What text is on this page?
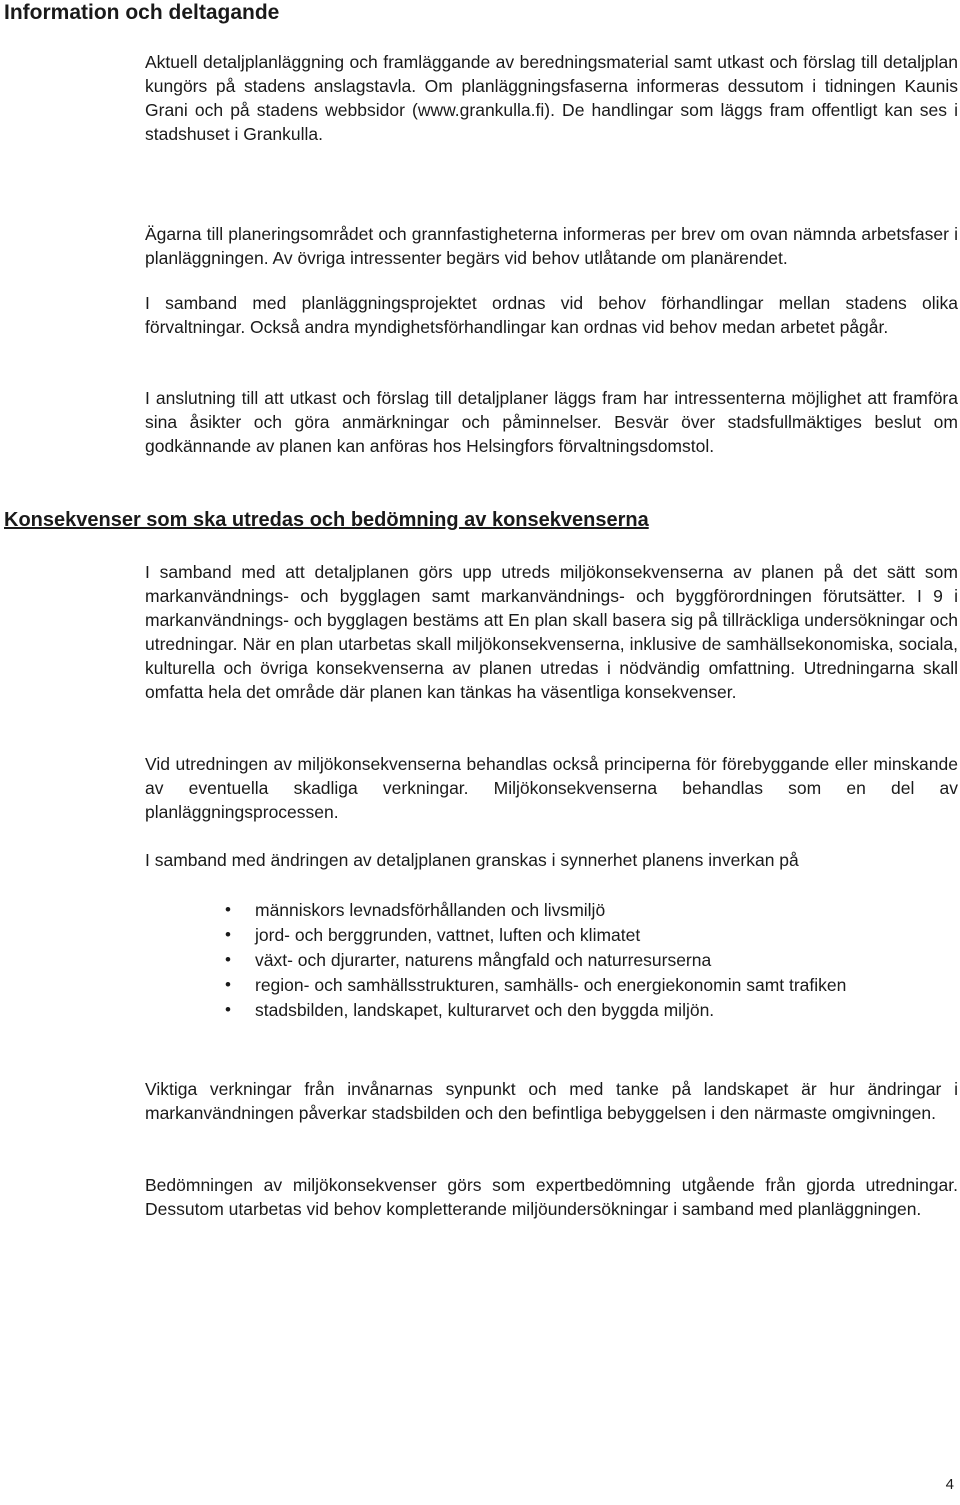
Information och deltagande

Aktuell detaljplanläggning och framläggande av beredningsmaterial samt utkast och förslag till detaljplan kungörs på stadens anslagstavla. Om planläggningsfaserna informeras dessutom i tidningen Kaunis Grani och på stadens webbsidor (www.grankulla.fi). De handlingar som läggs fram offentligt kan ses i stadshuset i Grankulla.

Ägarna till planeringsområdet och grannfastigheterna informeras per brev om ovan nämnda arbetsfaser i planläggningen. Av övriga intressenter begärs vid behov utlåtande om planärendet.

I samband med planläggningsprojektet ordnas vid behov förhandlingar mellan stadens olika förvaltningar. Också andra myndighetsförhandlingar kan ordnas vid behov medan arbetet pågår.

I anslutning till att utkast och förslag till detaljplaner läggs fram har intressenterna möjlighet att framföra sina åsikter och göra anmärkningar och påminnelser. Besvär över stadsfullmäktiges beslut om godkännande av planen kan anföras hos Helsingfors förvaltningsdomstol.

Konsekvenser som ska utredas och bedömning av konsekvenserna

I samband med att detaljplanen görs upp utreds miljökonsekvenserna av planen på det sätt som markanvändnings- och bygglagen samt markanvändnings- och byggförordningen förutsätter. I 9 i markanvändnings- och bygglagen bestäms att En plan skall basera sig på tillräckliga undersökningar och utredningar. När en plan utarbetas skall miljökonsekvenserna, inklusive de samhällsekonomiska, sociala, kulturella och övriga konsekvenserna av planen utredas i nödvändig omfattning. Utredningarna skall omfatta hela det område där planen kan tänkas ha väsentliga konsekvenser.

Vid utredningen av miljökonsekvenserna behandlas också principerna för förebyggande eller minskande av eventuella skadliga verkningar. Miljökonsekvenserna behandlas som en del av planläggningsprocessen.

I samband med ändringen av detaljplanen granskas i synnerhet planens inverkan på

• människors levnadsförhållanden och livsmiljö
• jord- och berggrunden, vattnet, luften och klimatet
• växt- och djurarter, naturens mångfald och naturresurserna
• region- och samhällsstrukturen, samhälls- och energiekonomin samt trafiken
• stadsbilden, landskapet, kulturarvet och den byggda miljön.

Viktiga verkningar från invånarnas synpunkt och med tanke på landskapet är hur ändringar i markanvändningen påverkar stadsbilden och den befintliga bebyggelsen i den närmaste omgivningen.

Bedömningen av miljökonsekvenser görs som expertbedömning utgående från gjorda utredningar. Dessutom utarbetas vid behov kompletterande miljöundersökningar i samband med planläggningen.

4
